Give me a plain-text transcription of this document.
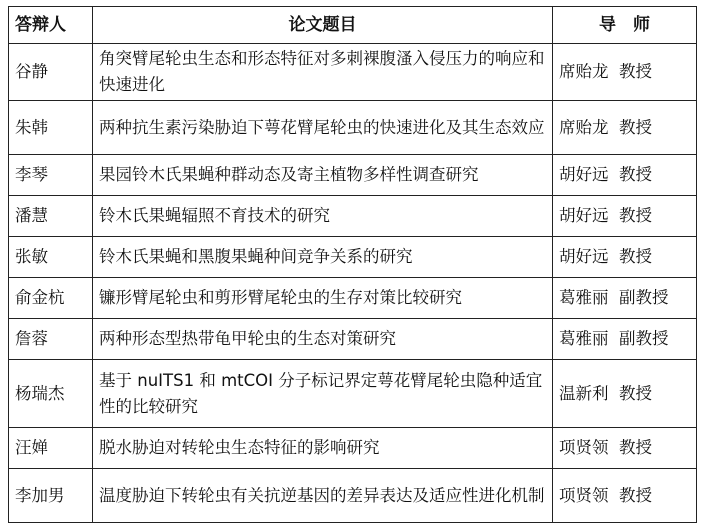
答辩人	论文题目	导　师
谷静	角突臂尾轮虫生态和形态特征对多刺裸腹溞入侵压力的响应和快速进化	席贻龙 教授
朱韩	两种抗生素污染胁迫下萼花臂尾轮虫的快速进化及其生态效应	席贻龙 教授
李琴	果园铃木氏果蝇种群动态及寄主植物多样性调查研究	胡好远 教授
潘慧	铃木氏果蝇辐照不育技术的研究	胡好远 教授
张敏	铃木氏果蝇和黑腹果蝇种间竞争关系的研究	胡好远 教授
俞金杭	镰形臂尾轮虫和剪形臂尾轮虫的生存对策比较研究	葛雅丽 副教授
詹蓉	两种形态型热带龟甲轮虫的生态对策研究	葛雅丽 副教授
杨瑞杰	基于 nuITS1 和 mtCOI 分子标记界定萼花臂尾轮虫隐种适宜性的比较研究	温新利 教授
汪婵	脱水胁迫对转轮虫生态特征的影响研究	项贤领 教授
李加男	温度胁迫下转轮虫有关抗逆基因的差异表达及适应性进化机制	项贤领 教授
